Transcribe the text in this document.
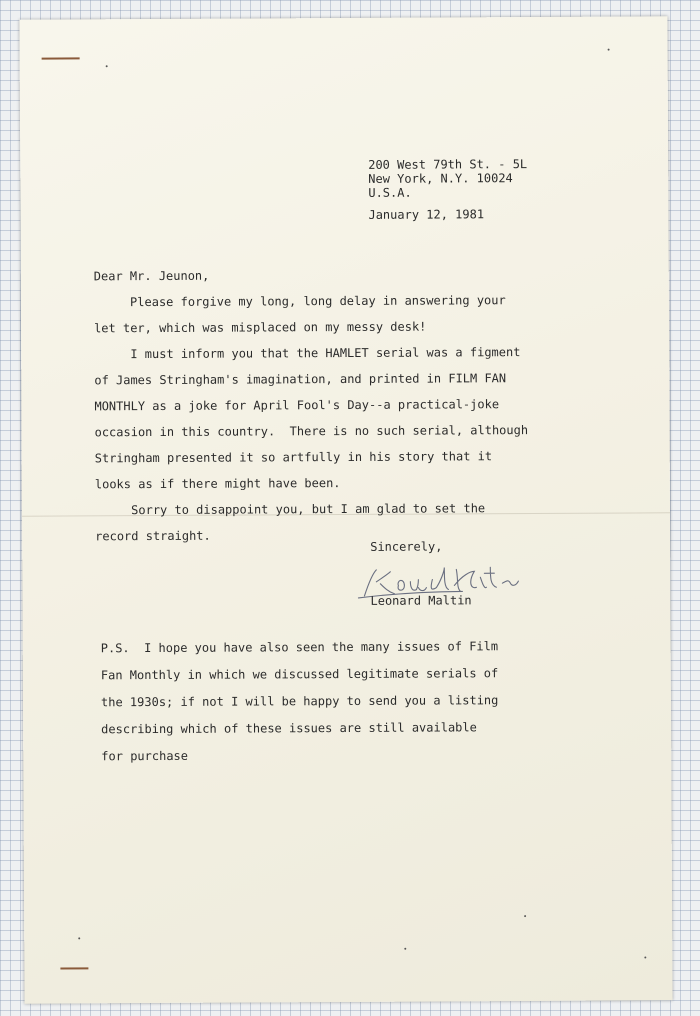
200 West 79th St. - 5L
New York, N.Y. 10024
U.S.A.
January 12, 1981
Dear Mr. Jeunon,
Please forgive my long, long delay in answering your
let ter, which was misplaced on my messy desk!
I must inform you that the HAMLET serial was a figment
of James Stringham's imagination, and printed in FILM FAN
MONTHLY as a joke for April Fool's Day--a practical-joke
occasion in this country.  There is no such serial, although
Stringham presented it so artfully in his story that it
looks as if there might have been.
Sorry to disappoint you, but I am glad to set the
record straight.
Sincerely,
Leonard Maltin
P.S.  I hope you have also seen the many issues of Film
Fan Monthly in which we discussed legitimate serials of
the 1930s; if not I will be happy to send you a listing
describing which of these issues are still available
for purchase
